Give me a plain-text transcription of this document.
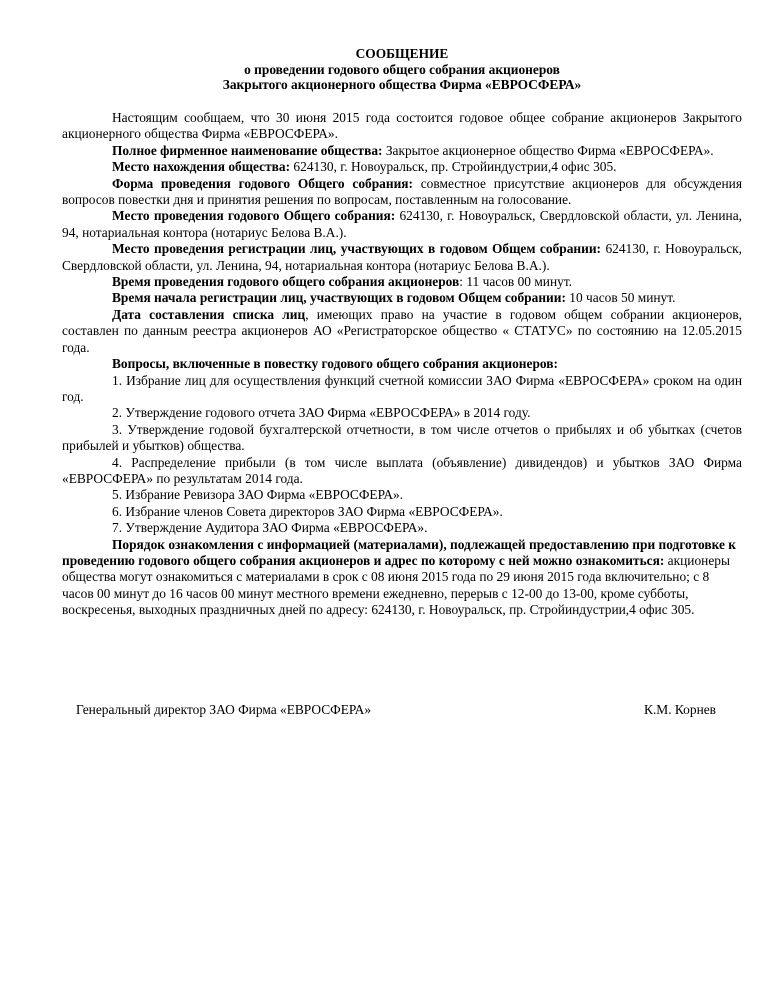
СООБЩЕНИЕ
о проведении годового общего собрания акционеров
Закрытого акционерного общества Фирма «ЕВРОСФЕРА»

Настоящим сообщаем, что 30 июня 2015 года состоится годовое общее собрание акционеров Закрытого акционерного общества Фирма «ЕВРОСФЕРА».

Полное фирменное наименование общества: Закрытое акционерное общество Фирма «ЕВРОСФЕРА».

Место нахождения общества: 624130, г. Новоуральск, пр. Стройиндустрии,4 офис 305.

Форма проведения годового Общего собрания: совместное присутствие акционеров для обсуждения вопросов повестки дня и принятия решения по вопросам, поставленным на голосование.

Место проведения годового Общего собрания: 624130, г. Новоуральск, Свердловской области, ул. Ленина, 94, нотариальная контора (нотариус Белова В.А.).

Место проведения регистрации лиц, участвующих в годовом Общем собрании: 624130, г. Новоуральск, Свердловской области, ул. Ленина, 94, нотариальная контора (нотариус Белова В.А.).

Время проведения годового общего собрания акционеров: 11 часов 00 минут.

Время начала регистрации лиц, участвующих в годовом Общем собрании: 10 часов 50 минут.

Дата составления списка лиц, имеющих право на участие в годовом общем собрании акционеров, составлен по данным реестра акционеров АО «Регистраторское общество « СТАТУС» по состоянию на 12.05.2015 года.

Вопросы, включенные в повестку годового общего собрания акционеров:

1. Избрание лиц для осуществления функций счетной комиссии ЗАО Фирма «ЕВРОСФЕРА» сроком на один год.

2. Утверждение годового отчета ЗАО Фирма «ЕВРОСФЕРА» в 2014 году.

3. Утверждение годовой бухгалтерской отчетности, в том числе отчетов о прибылях и об убытках (счетов прибылей и убытков) общества.

4. Распределение прибыли (в том числе выплата (объявление) дивидендов) и убытков ЗАО Фирма «ЕВРОСФЕРА» по результатам 2014 года.

5. Избрание Ревизора ЗАО Фирма «ЕВРОСФЕРА».

6. Избрание членов Совета директоров ЗАО Фирма «ЕВРОСФЕРА».

7. Утверждение Аудитора ЗАО Фирма «ЕВРОСФЕРА».

Порядок ознакомления с информацией (материалами), подлежащей предоставлению при подготовке к проведению годового общего собрания акционеров и адрес по которому с ней можно ознакомиться: акционеры общества могут ознакомиться с материалами в срок с 08 июня 2015 года по 29 июня 2015 года включительно; с 8 часов 00 минут до 16 часов 00 минут местного времени ежедневно, перерыв с 12-00 до 13-00, кроме субботы, воскресенья, выходных праздничных дней по адресу: 624130, г. Новоуральск, пр. Стройиндустрии,4 офис 305.

Генеральный директор ЗАО Фирма «ЕВРОСФЕРА»	К.М. Корнев
